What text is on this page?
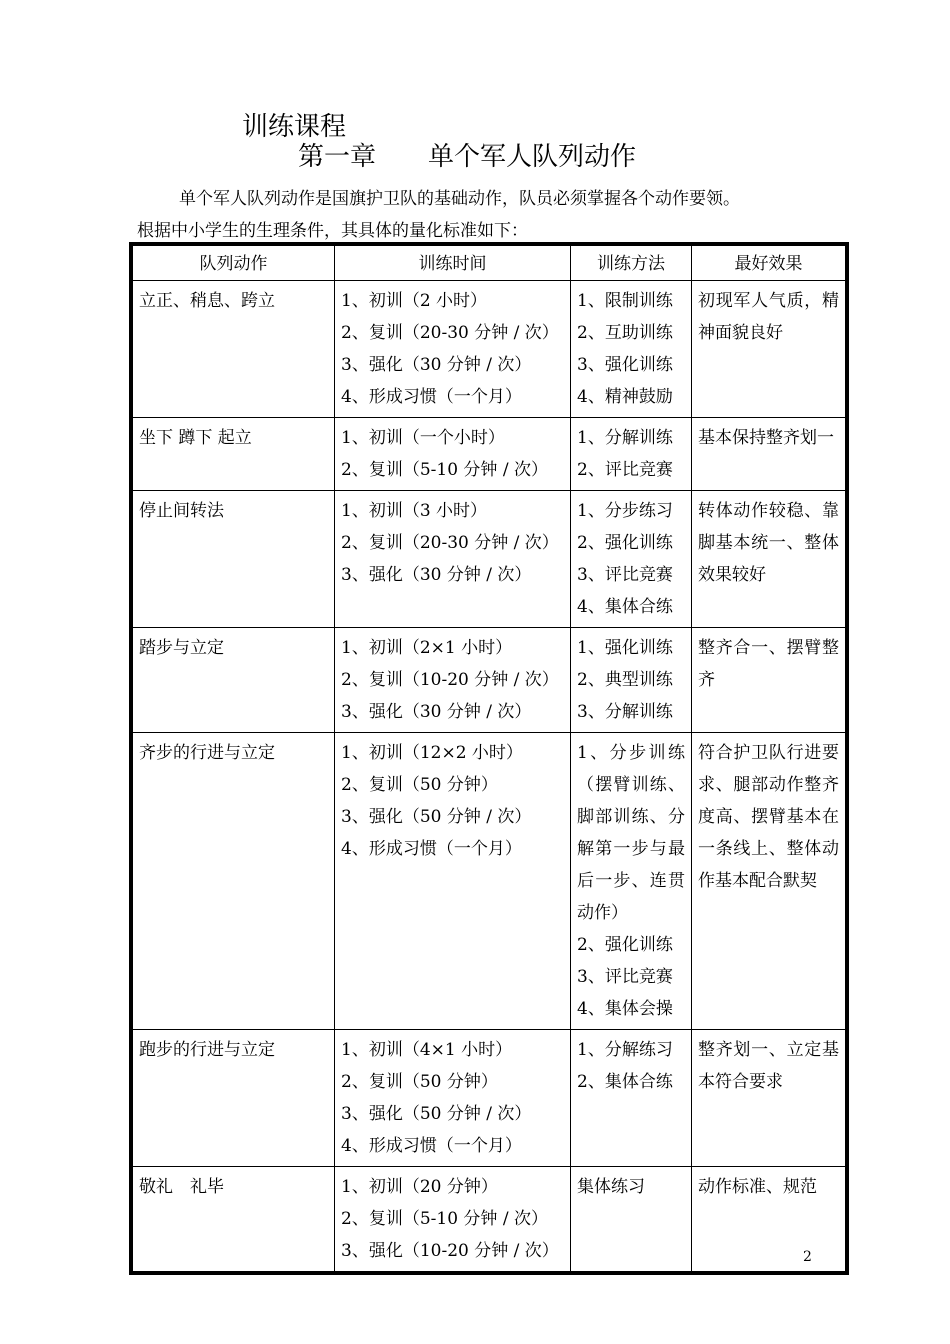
训练课程
第一章　　单个军人队列动作
单个军人队列动作是国旗护卫队的基础动作，队员必须掌握各个动作要领。
根据中小学生的生理条件，其具体的量化标准如下：
队列动作	训练时间	训练方法	最好效果
立正、稍息、跨立	1、初训（2 小时）
2、复训（20-30 分钟 / 次）
3、强化（30 分钟 / 次）
4、形成习惯（一个月）	1、限制训练
2、互助训练
3、强化训练
4、精神鼓励	初现军人气质，精神面貌良好

坐下 蹲下 起立	1、初训（一个小时）
2、复训（5-10 分钟 / 次）	1、分解训练
2、评比竞赛	基本保持整齐划一

停止间转法	1、初训（3 小时）
2、复训（20-30 分钟 / 次）
3、强化（30 分钟 / 次）	1、分步练习
2、强化训练
3、评比竞赛
4、集体合练	转体动作较稳、靠脚基本统一、整体效果较好

踏步与立定	1、初训（2×1 小时）
2、复训（10-20 分钟 / 次）
3、强化（30 分钟 / 次）	1、强化训练
2、典型训练
3、分解训练	整齐合一、摆臂整齐

齐步的行进与立定	1、初训（12×2 小时）
2、复训（50 分钟）
3、强化（50 分钟 / 次）
4、形成习惯（一个月）	1、分步训练（摆臂训练、脚部训练、分解第一步与最后一步、连贯动作）
2、强化训练
3、评比竞赛
4、集体会操	符合护卫队行进要求、腿部动作整齐度高、摆臂基本在一条线上、整体动作基本配合默契

跑步的行进与立定	1、初训（4×1 小时）
2、复训（50 分钟）
3、强化（50 分钟 / 次）
4、形成习惯（一个月）	1、分解练习
2、集体合练	整齐划一、立定基本符合要求

敬礼　礼毕	1、初训（20 分钟）
2、复训（5-10 分钟 / 次）
3、强化（10-20 分钟 / 次）	集体练习	动作标准、规范
2
